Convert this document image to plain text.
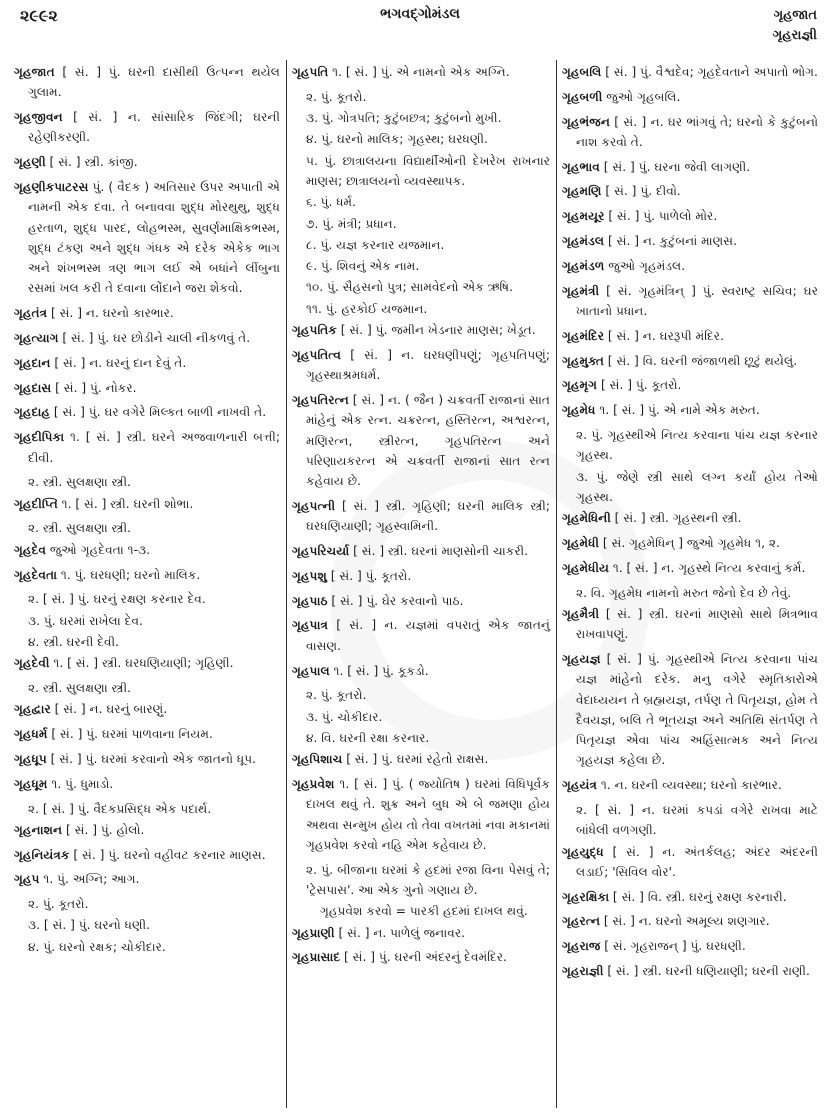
૨૯૯૨	ભગવદ્ગોમંડલ	ગૃહજાત
ગૃહરાજ્ઞી
ગૃહજાત [ સં. ] પું. ઘરની દાસીથી ઉત્પન્ન થયેલ ગુલામ.
ગૃહજીવન [ સં. ] ન. સાંસારિક જિંદગી; ઘરની રહેણીકરણી.
ગૃહણી [ સં. ] સ્ત્રી. કાંજી.
ગૃહણીકપાટરસ પું. ( વૈદક ) અતિસાર ઉપર અપાતી એ નામની એક દવા. તે બનાવવા શુદ્ધ મોરથુથુ, શુદ્ધ હરતાળ, શુદ્ધ પારદ, લોહભસ્મ, સુવર્ણમાક્ષિકભસ્મ, શુદ્ધ ટંકણ અને શુદ્ધ ગંધક એ દરેક એકેક ભાગ અને શંખભસ્મ ત્રણ ભાગ લઈ એ બધાંને લીંબુના રસમાં ખલ કરી તે દવાના લોંદાને જરા શેકવો.
ગૃહતંત્ર [ સં. ] ન. ઘરનો કારભાર.
ગૃહત્યાગ [ સં. ] પું. ઘર છોડીને ચાલી નીકળવું તે.
ગૃહદાન [ સં. ] ન. ઘરનું દાન દેવું તે.
ગૃહદાસ [ સં. ] પું. નોકર.
ગૃહદાહ [ સં. ] પું. ઘર વગેરે મિલ્કત બાળી નાખવી તે.
ગૃહદીપિકા ૧. [ સં. ] સ્ત્રી. ઘરને અજવાળનારી બત્તી; દીવી.
૨. સ્ત્રી. સુલક્ષણા સ્ત્રી.
ગૃહદીપ્તિ ૧. [ સં. ] સ્ત્રી. ઘરની શોભા.
૨. સ્ત્રી. સુલક્ષણા સ્ત્રી.
ગૃહદેવ જુઓ ગૃહદેવતા ૧-૩.
ગૃહદેવતા ૧. પું. ઘરધણી; ઘરનો માલિક.
૨. [ સં. ] પું. ઘરનું રક્ષણ કરનાર દેવ.
૩. પું. ઘરમાં રાખેલા દેવ.
૪. સ્ત્રી. ઘરની દેવી.
ગૃહદેવી ૧. [ સં. ] સ્ત્રી. ઘરધણિયાણી; ગૃહિણી.
૨. સ્ત્રી. સુલક્ષણા સ્ત્રી.
ગૃહદ્વાર [ સં. ] ન. ઘરનું બારણું.
ગૃહધર્મ [ સં. ] પું. ઘરમાં પાળવાના નિયમ.
ગૃહધૂપ [ સં. ] પું. ઘરમાં કરવાનો એક જાતનો ધૂપ.
ગૃહધૂમ ૧. પું. ધુમાડો.
૨. [ સં. ] પું. વૈદકપ્રસિદ્ધ એક પદાર્થ.
ગૃહનાશન [ સં. ] પું. હોલો.
ગૃહનિયંત્રક [ સં. ] પું. ઘરનો વહીવટ કરનાર માણસ.
ગૃહપ ૧. પું. અગ્નિ; આગ.
૨. પું. કૂતરો.
૩. [ સં. ] પું. ઘરનો ધણી.
૪. પું. ઘરનો રક્ષક; ચોકીદાર.
ગૃહપતિ ૧. [ સં. ] પું. એ નામનો એક અગ્નિ.
૨. પું. કૂતરો.
૩. પું. ગોત્રપતિ; કુટુંબછત્ર; કુટુંબનો મુખી.
૪. પું. ઘરનો માલિક; ગૃહસ્થ; ઘરધણી.
૫. પું. છાત્રાલયના વિદ્યાર્થીઓની દેખરેખ રાખનાર માણસ; છાત્રાલયનો વ્યવસ્થાપક.
૬. પું. ધર્મ.
૭. પું. મંત્રી; પ્રધાન.
૮. પું. યજ્ઞ કરનાર યજમાન.
૯. પું. શિવનું એક નામ.
૧૦. પું. સૈહસનો પુત્ર; સામવેદનો એક ઋષિ.
૧૧. પું. હરકોઈ યજમાન.
ગૃહપતિક [ સં. ] પું. જમીન ખેડનાર માણસ; ખેડૂત.
ગૃહપતિત્વ [ સં. ] ન. ઘરધણીપણું; ગૃહપતિપણું; ગૃહસ્થાશ્રમધર્મ.
ગૃહપતિરત્ન [ સં. ] ન. ( જૈન ) ચક્રવર્તી રાજાનાં સાત માંહેનું એક રત્ન. ચક્રરત્ન, હસ્તિરત્ન, અશ્વરત્ન, મણિરત્ન, સ્ત્રીરત્ન, ગૃહપતિરત્ન અને પરિણાયકરત્ન એ ચક્રવર્તી રાજાનાં સાત રત્ન કહેવાય છે.
ગૃહપત્ની [ સં. ] સ્ત્રી. ગૃહિણી; ઘરની માલિક સ્ત્રી; ઘરધણિયાણી; ગૃહસ્વામિની.
ગૃહપરિચર્યા [ સં. ] સ્ત્રી. ઘરનાં માણસોની ચાકરી.
ગૃહપશુ [ સં. ] પું. કૂતરો.
ગૃહપાઠ [ સં. ] પું. ઘેર કરવાનો પાઠ.
ગૃહપાત્ર [ સં. ] ન. યજ્ઞમાં વપરાતું એક જાતનું વાસણ.
ગૃહપાલ ૧. [ સં. ] પું. કૂકડો.
૨. પું. કૂતરો.
૩. પું. ચોકીદાર.
૪. વિ. ઘરની રક્ષા કરનાર.
ગૃહપિશાચ [ સં. ] પું. ઘરમાં રહેતો રાક્ષસ.
ગૃહપ્રવેશ ૧. [ સં. ] પું. ( જ્યોતિષ ) ઘરમાં વિધિપૂર્વક દાખલ થવું તે. શુક્ર અને બુધ એ બે જમણા હોય અથવા સન્મુખ હોય તો તેવા વખતમાં નવા મકાનમાં ગૃહપ્રવેશ કરવો નહિ એમ કહેવાય છે.
૨. પું. બીજાના ઘરમાં કે હદમાં રજા વિના પેસવું તે; 'ટ્રેસપાસ'. આ એક ગુનો ગણાય છે.
ગૃહપ્રવેશ કરવો = પારકી હદમાં દાખલ થવું.
ગૃહપ્રાણી [ સં. ] ન. પાળેલું જનાવર.
ગૃહપ્રાસાદ [ સં. ] પું. ઘરની અંદરનું દેવમંદિર.
ગૃહબલિ [ સં. ] પું. વૈશ્વદેવ; ગૃહદેવતાને અપાતો ભોગ.
ગૃહબળી જુઓ ગૃહબલિ.
ગૃહભંજન [ સં. ] ન. ઘર ભાંગવું તે; ઘરનો કે કુટુંબનો નાશ કરવો તે.
ગૃહભાવ [ સં. ] પું. ઘરના જેવી લાગણી.
ગૃહમણિ [ સં. ] પું. દીવો.
ગૃહમયૂર [ સં. ] પું. પાળેલો મોર.
ગૃહમંડલ [ સં. ] ન. કુટુંબનાં માણસ.
ગૃહમંડળ જુઓ ગૃહમંડલ.
ગૃહમંત્રી [ સં. ગૃહમંત્રિન્ ] પું. સ્વરાષ્ટ્ર સચિવ; ઘર ખાતાનો પ્રધાન.
ગૃહમંદિર [ સં. ] ન. ઘરરૂપી મંદિર.
ગૃહમુક્ત [ સં. ] વિ. ઘરની જંજાળથી છૂટું થયેલું.
ગૃહમૃગ [ સં. ] પું. કૂતરો.
ગૃહમેધ ૧. [ સં. ] પું. એ નામે એક મરુત.
૨. પું. ગૃહસ્થીએ નિત્ય કરવાના પાંચ યજ્ઞ કરનાર ગૃહસ્થ.
૩. પું. જેણે સ્ત્રી સાથે લગ્ન કર્યાં હોય તેઓ ગૃહસ્થ.
ગૃહમેધિની [ સં. ] સ્ત્રી. ગૃહસ્થની સ્ત્રી.
ગૃહમેધી [ સં. ગૃહમેધિન્ ] જુઓ ગૃહમેધ ૧, ૨.
ગૃહમેધીય ૧. [ સં. ] ન. ગૃહસ્થે નિત્ય કરવાનું કર્મ.
૨. વિ. ગૃહમેધ નામનો મરુત જેનો દેવ છે તેવું.
ગૃહમૈત્રી [ સં. ] સ્ત્રી. ઘરનાં માણસો સાથે મિત્રભાવ રાખવાપણું.
ગૃહયજ્ઞ [ સં. ] પું. ગૃહસ્થીએ નિત્ય કરવાના પાંચ યજ્ઞ માંહેનો દરેક. મનુ વગેરે સ્મૃતિકારોએ વેદાધ્યયન તે બ્રહ્મયજ્ઞ, તર્પણ તે પિતૃયજ્ઞ, હોમ તે દૈવયજ્ઞ, બલિ તે ભૂતયજ્ઞ અને અતિથિ સંતર્પણ તે પિતૃયજ્ઞ એવા પાંચ અહિંસાત્મક અને નિત્ય ગૃહયજ્ઞ કહેલા છે.
ગૃહયંત્ર ૧. ન. ઘરની વ્યવસ્થા; ઘરનો કારભાર.
૨. [ સં. ] ન. ઘરમાં કપડાં વગેરે રાખવા માટે બાંધેલી વળગણી.
ગૃહયુદ્ધ [ સં. ] ન. અંતર્કલહ; અંદર અંદરની લડાઈ; 'સિવિલ વોર'.
ગૃહરક્ષિકા [ સં. ] વિ. સ્ત્રી. ઘરનું રક્ષણ કરનારી.
ગૃહરત્ન [ સં. ] ન. ઘરનો અમૂલ્ય શણગાર.
ગૃહરાજ [ સં. ગૃહરાજન્ ] પું. ઘરધણી.
ગૃહરાજ્ઞી [ સં. ] સ્ત્રી. ઘરની ધણિયાણી; ઘરની રાણી.
